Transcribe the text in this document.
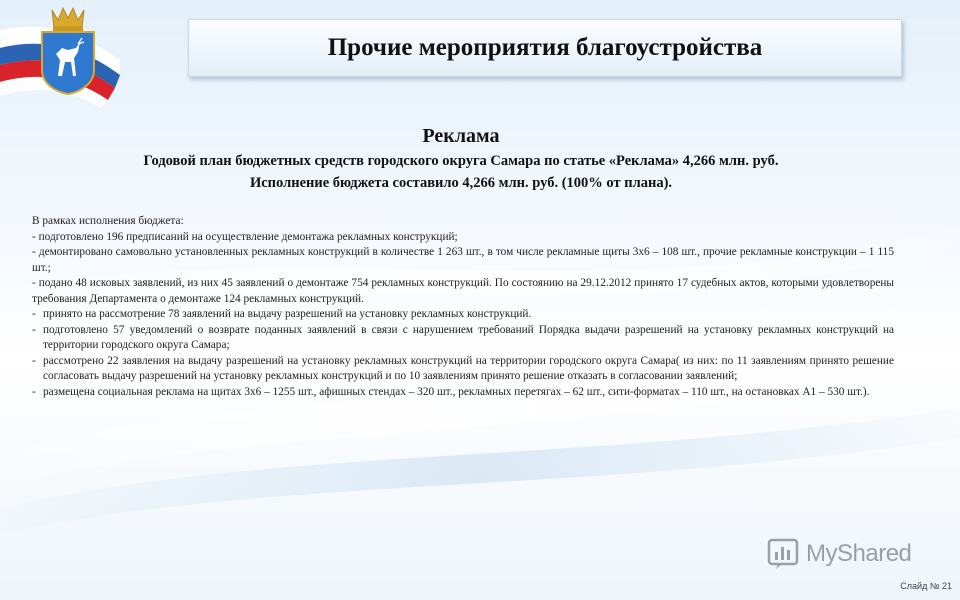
Прочие мероприятия благоустройства

Реклама

Годовой план бюджетных средств городского округа Самара по статье «Реклама» 4,266 млн. руб.

Исполнение бюджета составило 4,266 млн. руб. (100% от плана).

В рамках исполнения бюджета:

- подготовлено 196 предписаний на осуществление демонтажа рекламных конструкций;

- демонтировано самовольно установленных рекламных конструкций в количестве 1 263 шт., в том числе рекламные щиты 3х6 – 108 шт., прочие рекламные конструкции – 1 115 шт.;

- подано 48 исковых заявлений, из них 45 заявлений о демонтаже 754 рекламных конструкций. По состоянию на 29.12.2012 принято 17 судебных актов, которыми удовлетворены требования Департамента о демонтаже 124 рекламных конструкций.

- принято на рассмотрение 78 заявлений на выдачу разрешений на установку рекламных конструкций.

- подготовлено 57 уведомлений о возврате поданных заявлений в связи с нарушением требований Порядка выдачи разрешений на установку рекламных конструкций на территории городского округа Самара;

- рассмотрено 22 заявления на выдачу разрешений на установку рекламных конструкций на территории городского округа Самара( из них: по 11 заявлениям принято решение согласовать выдачу разрешений на установку рекламных конструкций и по 10 заявлениям принято решение отказать в согласовании заявлений;

- размещена социальная реклама на щитах 3х6 – 1255 шт., афишных стендах – 320 шт., рекламных перетягах – 62 шт., сити-форматах – 110 шт., на остановках А1 – 530 шт.).

MyShared
Слайд № 21
